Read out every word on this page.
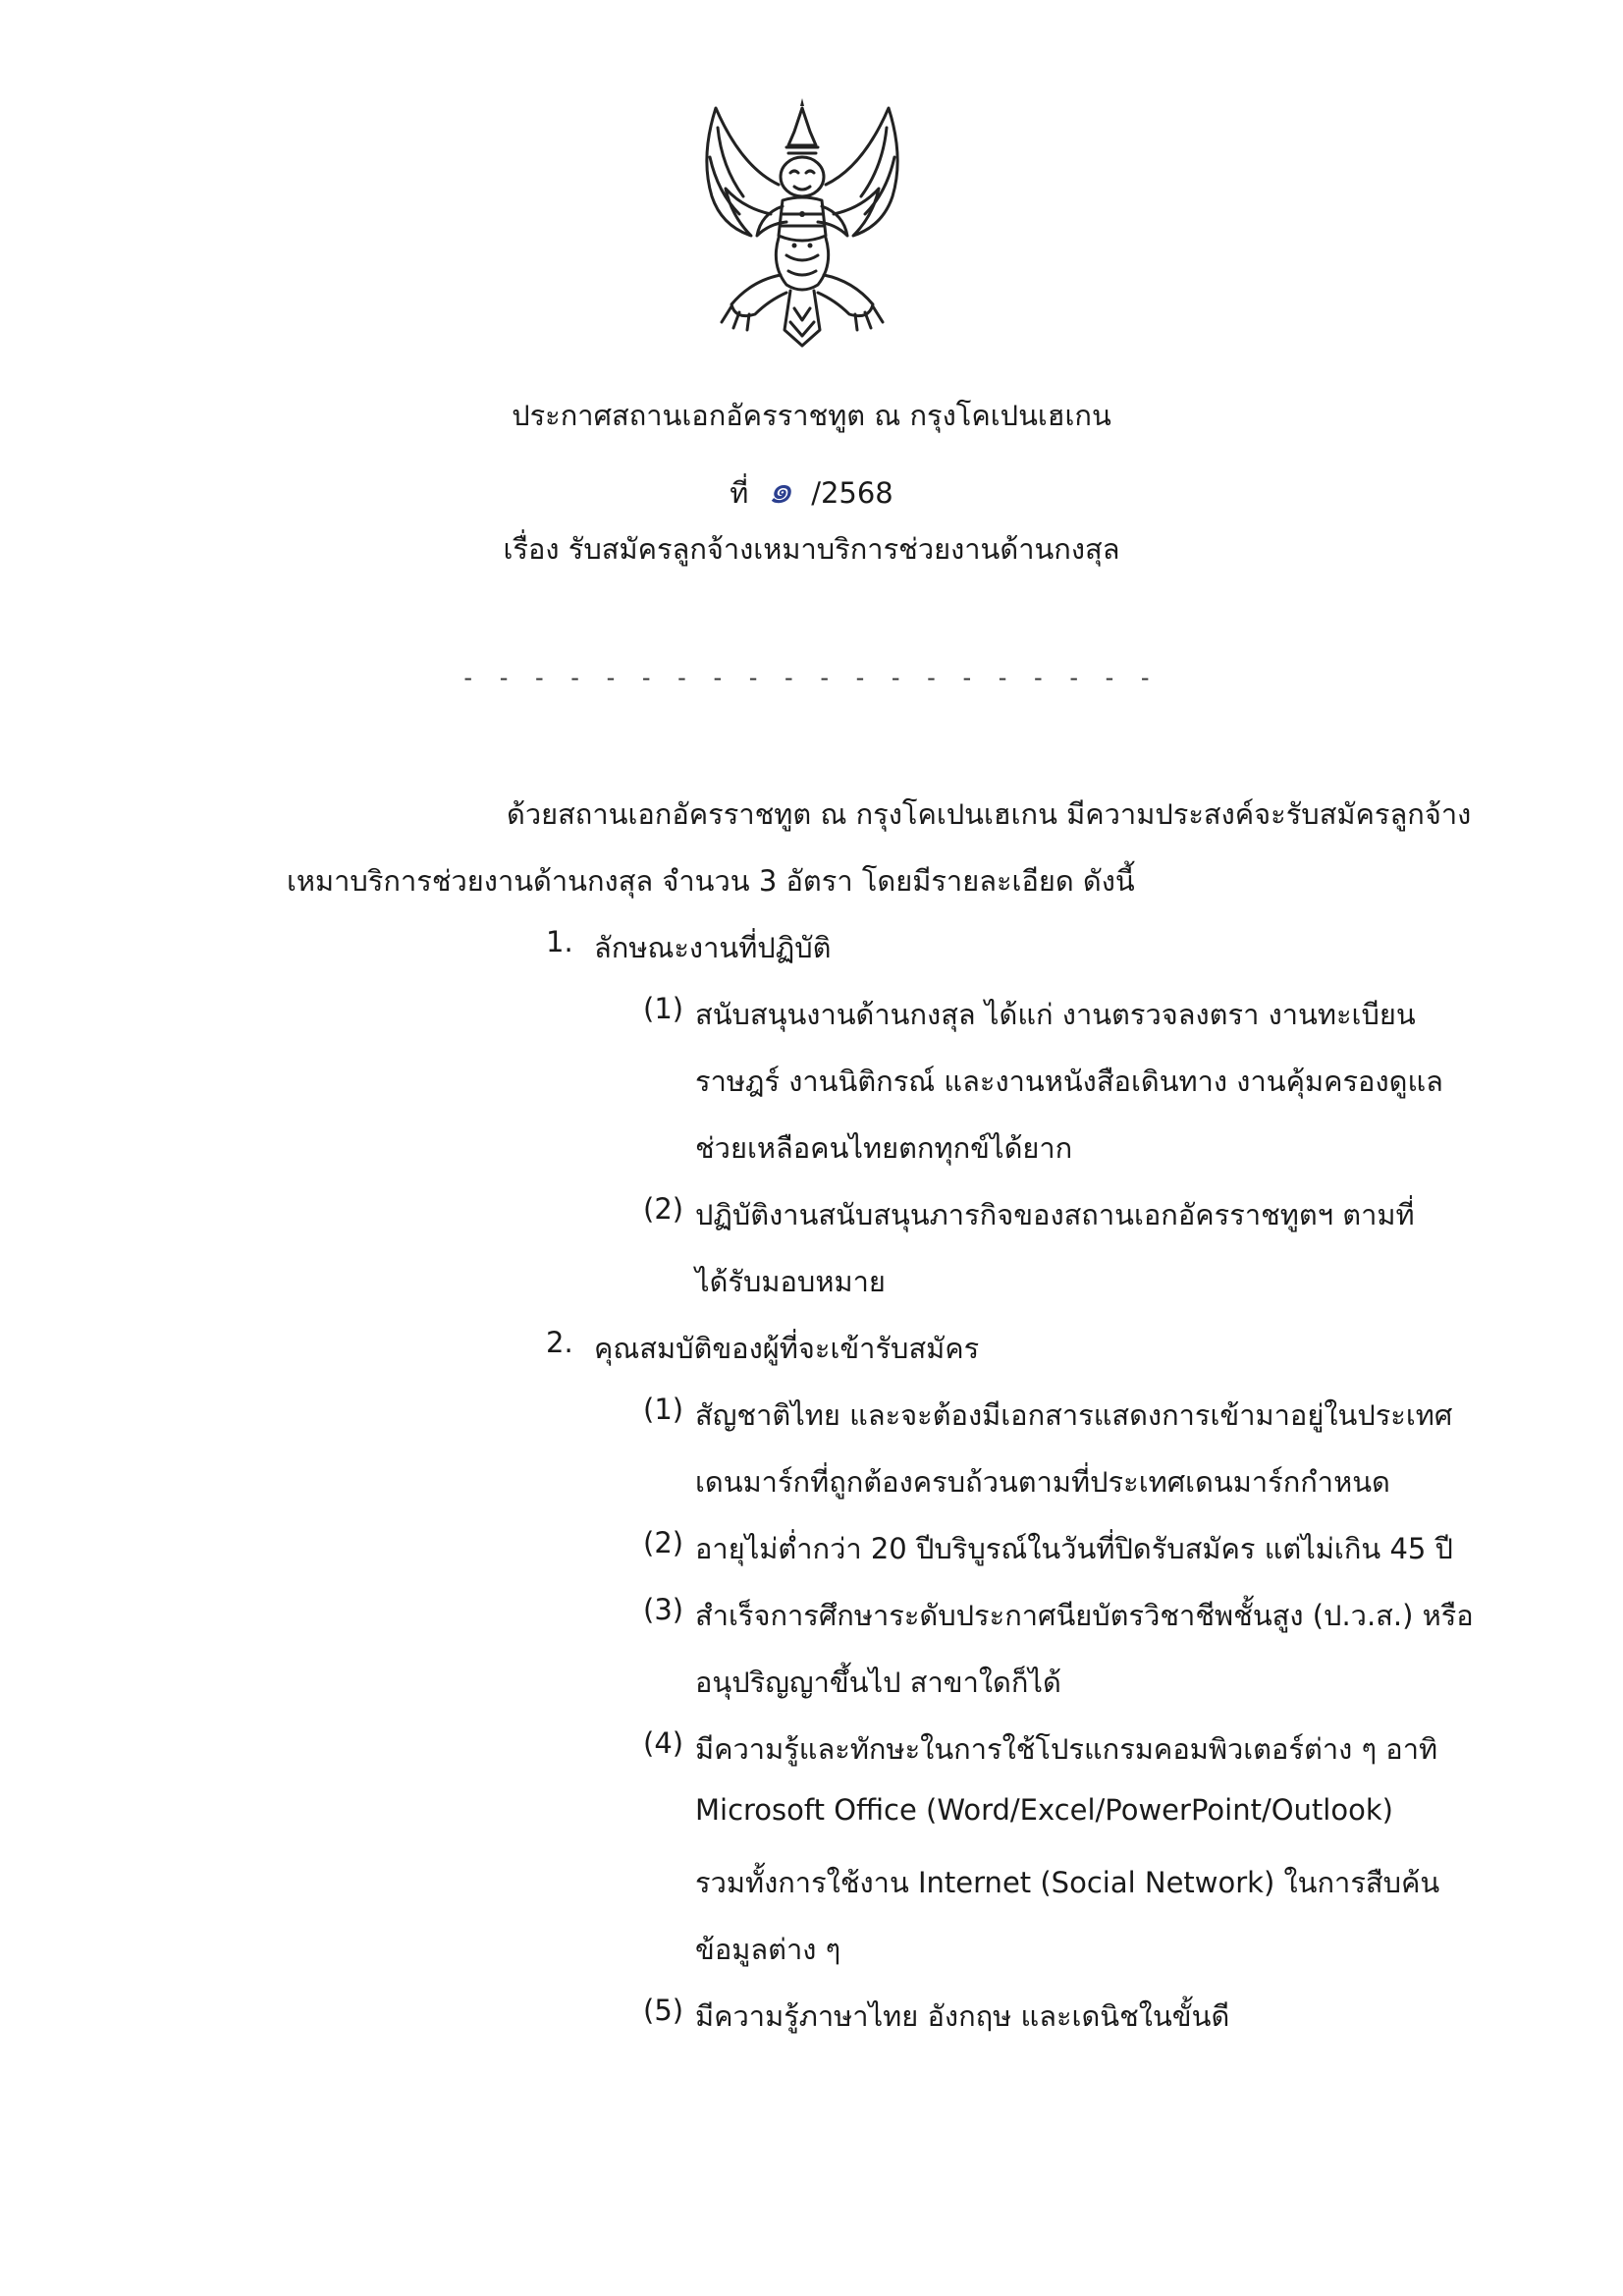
ประกาศสถานเอกอัครราชทูต ณ กรุงโคเปนเฮเกน
ที่ ๑ /2568
เรื่อง รับสมัครลูกจ้างเหมาบริการช่วยงานด้านกงสุล
- - - - - - - - - - - - - - - - - - - -
ด้วยสถานเอกอัครราชทูต ณ กรุงโคเปนเฮเกน มีความประสงค์จะรับสมัครลูกจ้าง
เหมาบริการช่วยงานด้านกงสุล จำนวน 3 อัตรา โดยมีรายละเอียด ดังนี้
1. ลักษณะงานที่ปฏิบัติ
(1) สนับสนุนงานด้านกงสุล ได้แก่ งานตรวจลงตรา งานทะเบียน
ราษฎร์ งานนิติกรณ์ และงานหนังสือเดินทาง งานคุ้มครองดูแล
ช่วยเหลือคนไทยตกทุกข์ได้ยาก
(2) ปฏิบัติงานสนับสนุนภารกิจของสถานเอกอัครราชทูตฯ ตามที่
ได้รับมอบหมาย
2. คุณสมบัติของผู้ที่จะเข้ารับสมัคร
(1) สัญชาติไทย และจะต้องมีเอกสารแสดงการเข้ามาอยู่ในประเทศ
เดนมาร์กที่ถูกต้องครบถ้วนตามที่ประเทศเดนมาร์กกำหนด
(2) อายุไม่ต่ำกว่า 20 ปีบริบูรณ์ในวันที่ปิดรับสมัคร แต่ไม่เกิน 45 ปี
(3) สำเร็จการศึกษาระดับประกาศนียบัตรวิชาชีพชั้นสูง (ป.ว.ส.) หรือ
อนุปริญญาขึ้นไป สาขาใดก็ได้
(4) มีความรู้และทักษะในการใช้โปรแกรมคอมพิวเตอร์ต่าง ๆ อาทิ
Microsoft Office (Word/Excel/PowerPoint/Outlook)
รวมทั้งการใช้งาน Internet (Social Network) ในการสืบค้น
ข้อมูลต่าง ๆ
(5) มีความรู้ภาษาไทย อังกฤษ และเดนิชในขั้นดี
